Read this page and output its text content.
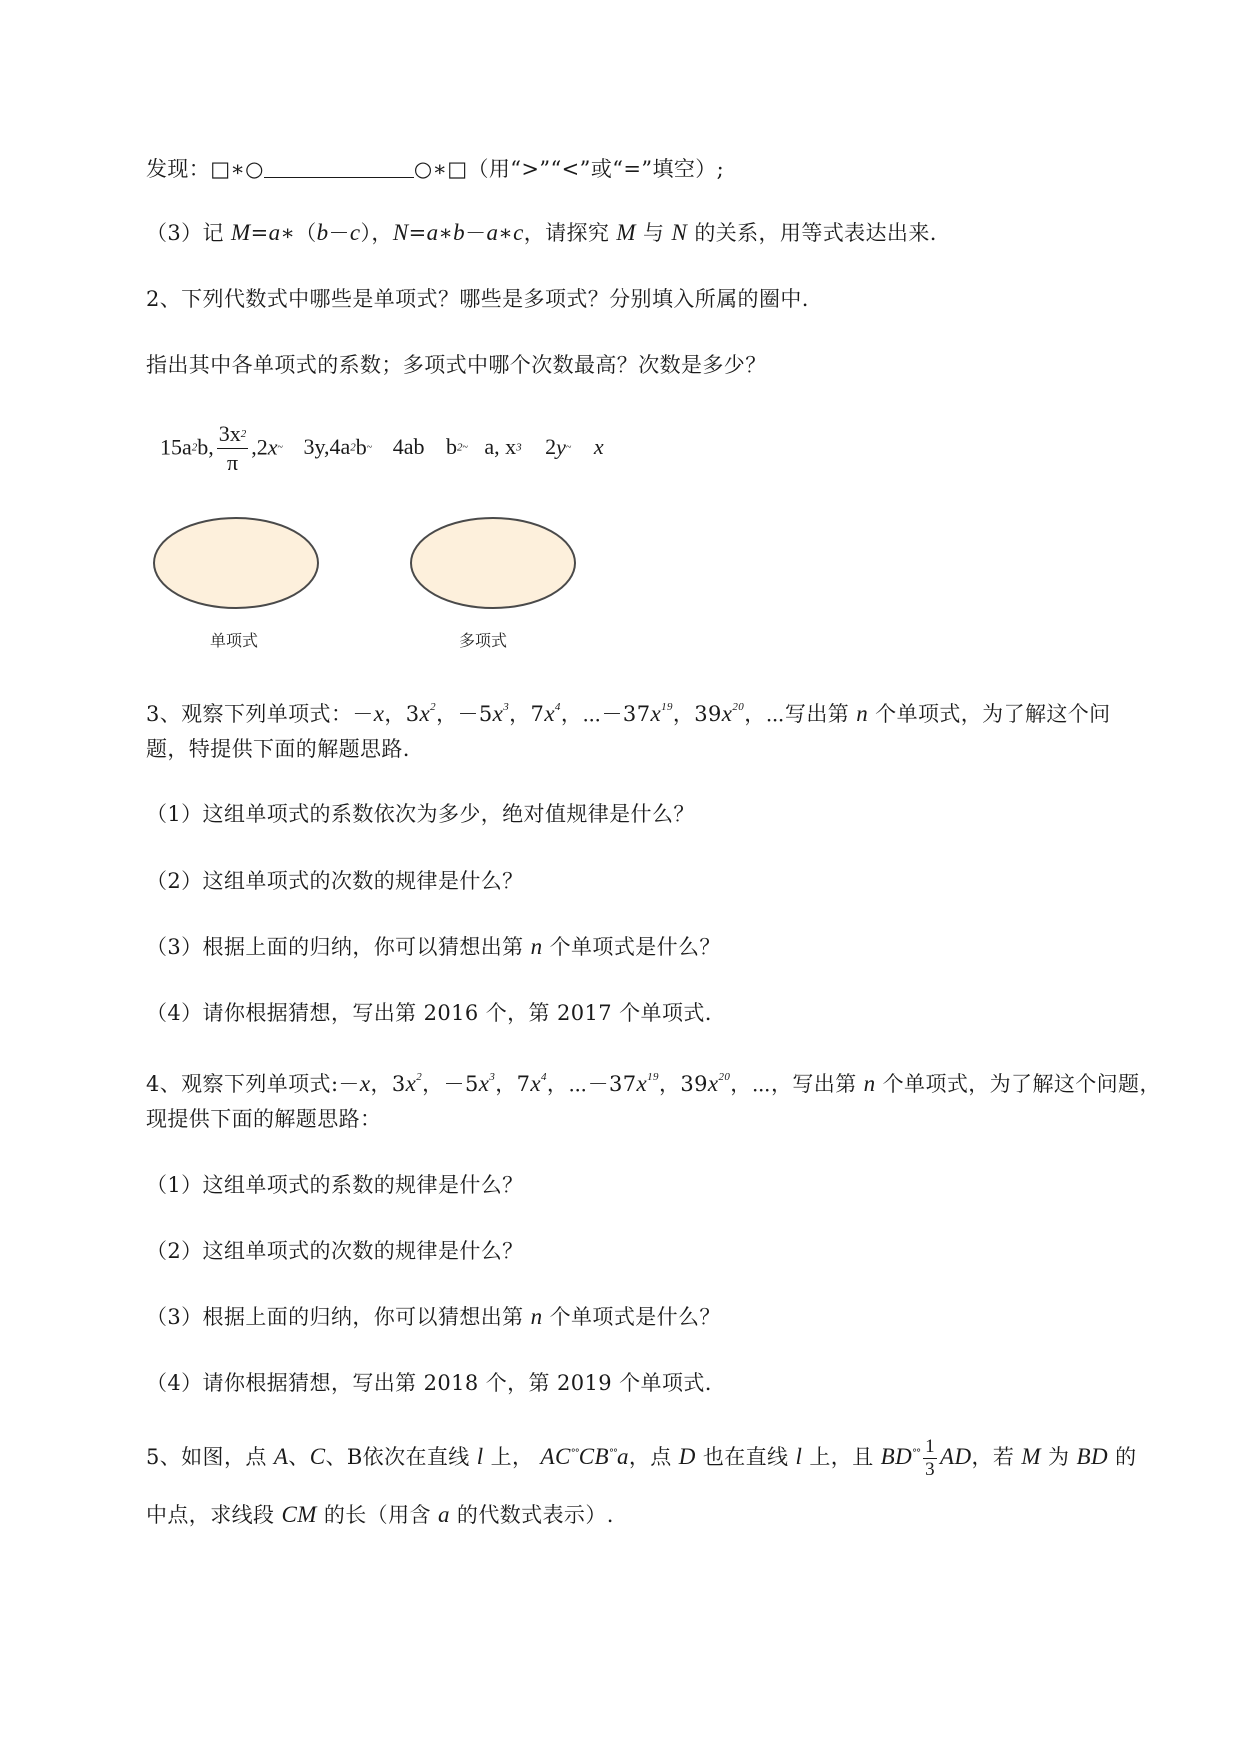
发现：□∗○	○∗□（用“>”“<”或“=”填空）;
（3）记 M=a∗（b－c），N=a∗b－a∗c，请探究 M 与 N 的关系，用等式表达出来.
2、下列代数式中哪些是单项式？哪些是多项式？分别填入所属的圈中.
指出其中各单项式的系数；多项式中哪个次数最高？次数是多少？
15a2b, $\frac{3x2}{\pi}$ ,2x~ 3y,4a2b~ 4ab b2~ a, x3 2y~ x
单项式	多项式
3、观察下列单项式：－x，$3x^2$，$-5x^3$，$7x^4$，$\cdots-37x^{19}$，$39x^{20}$，⋯写出第 n 个单项式，为了解这个问
题，特提供下面的解题思路.
（1）这组单项式的系数依次为多少，绝对值规律是什么？
（2）这组单项式的次数的规律是什么？
（3）根据上面的归纳，你可以猜想出第 n 个单项式是什么？
（4）请你根据猜想，写出第 2016 个，第 2017 个单项式.
4、观察下列单项式:－x，$3x^2$，$-5x^3$，$7x^4$，$\cdots-37x^{19}$，$39x^{20}$，⋯，写出第 n 个单项式，为了解这个问题，
现提供下面的解题思路：
（1）这组单项式的系数的规律是什么？
（2）这组单项式的次数的规律是什么？
（3）根据上面的归纳，你可以猜想出第 n 个单项式是什么？
（4）请你根据猜想，写出第 2018 个，第 2019 个单项式.
5、如图，点 A、C、B依次在直线 l 上， AC°°CB°°a，点 D 也在直线 l 上，且 $BD^{^\circ^\circ} \frac{1}{3}$ AD，若 M 为 BD 的
中点，求线段 CM 的长（用含 a 的代数式表示）.
